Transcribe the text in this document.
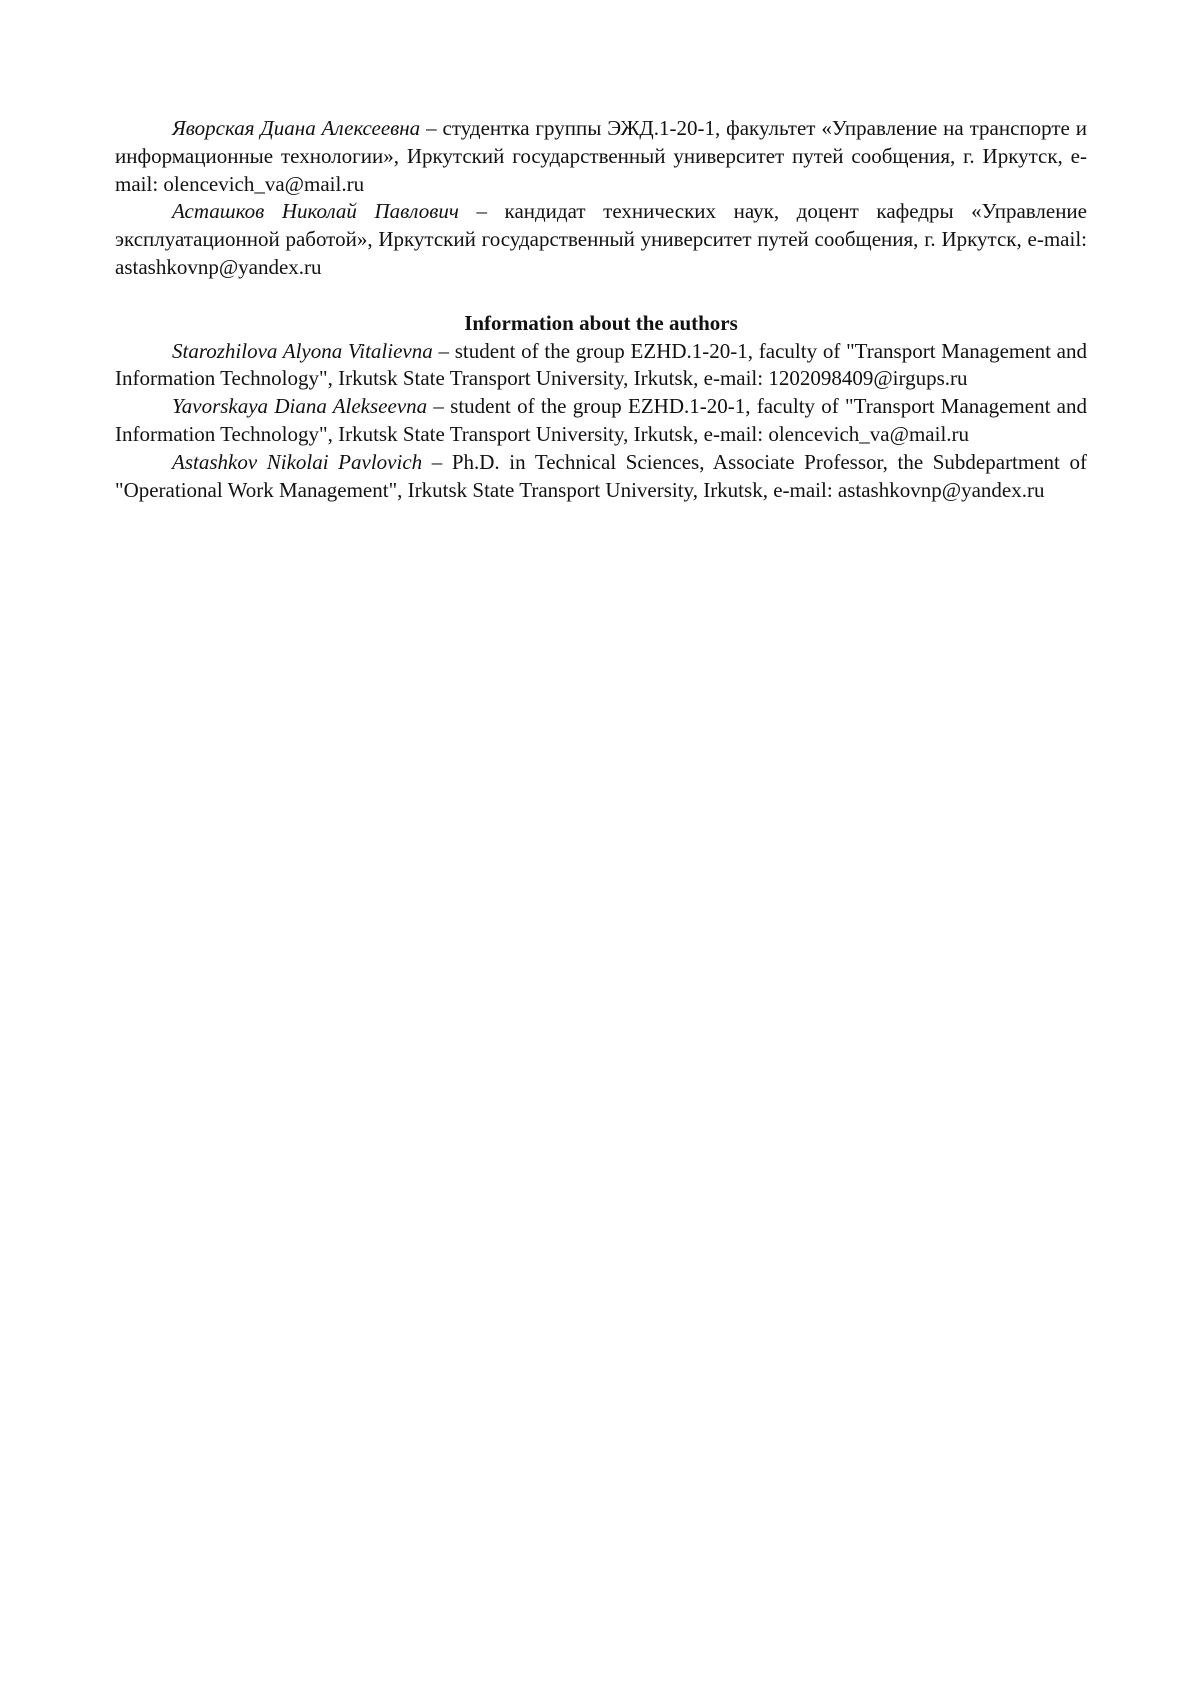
Яворская Диана Алексеевна – студентка группы ЭЖД.1-20-1, факультет «Управление на транспорте и информационные технологии», Иркутский государственный университет путей сообщения, г. Иркутск, e-mail: olencevich_va@mail.ru

Асташков Николай Павлович – кандидат технических наук, доцент кафедры «Управление эксплуатационной работой», Иркутский государственный университет путей сообщения, г. Иркутск, e-mail: astashkovnp@yandex.ru

Information about the authors

Starozhilova Alyona Vitalievna – student of the group EZHD.1-20-1, faculty of "Transport Management and Information Technology", Irkutsk State Transport University, Irkutsk, e-mail: 1202098409@irgups.ru

Yavorskaya Diana Alekseevna – student of the group EZHD.1-20-1, faculty of "Transport Management and Information Technology", Irkutsk State Transport University, Irkutsk, e-mail: olencevich_va@mail.ru

Astashkov Nikolai Pavlovich – Ph.D. in Technical Sciences, Associate Professor, the Subdepartment of "Operational Work Management", Irkutsk State Transport University, Irkutsk, e-mail: astashkovnp@yandex.ru
